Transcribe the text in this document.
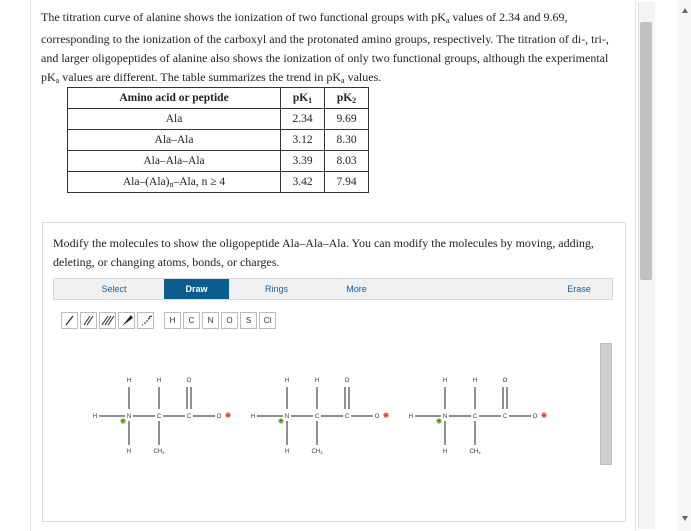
The titration curve of alanine shows the ionization of two functional groups with $pK_a$ values of 2.34 and 9.69,
corresponding to the ionization of the carboxyl and the protonated amino groups, respectively. The titration of di-, tri-,
and larger oligopeptides of alanine also shows the ionization of only two functional groups, although the experimental
$pK_a$ values are different. The table summarizes the trend in $pK_a$ values.
Amino acid or peptide	$pK_1$	$pK_2$
Ala	2.34	9.69
Ala–Ala	3.12	8.30
Ala–Ala–Ala	3.39	8.03
Ala–$(Ala)_n$–Ala, n ≥ 4	3.42	7.94
Modify the molecules to show the oligopeptide Ala–Ala–Ala. You can modify the molecules by moving, adding,
deleting, or changing atoms, bonds, or charges.
Select	Draw	Rings	More	Erase
H	C	N	O	S	Cl
H	N	C	C	O
H	H	O
H	CH3
+
–	H	N	C	C	O
H	H	O
H	CH3
+
–	H	N	C	C	O
H	H	O
H	CH3
+
–
